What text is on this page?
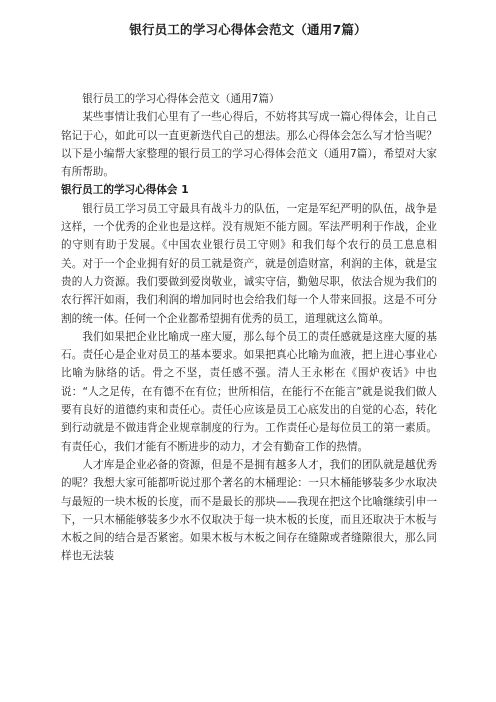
银行员工的学习心得体会范文（通用7篇）

银行员工的学习心得体会范文（通用7篇）

某些事情让我们心里有了一些心得后，不妨将其写成一篇心得体会，让自己铭记于心，如此可以一直更新迭代自己的想法。那么心得体会怎么写才恰当呢？以下是小编帮大家整理的银行员工的学习心得体会范文（通用7篇），希望对大家有所帮助。

银行员工的学习心得体会 1

银行员工学习员工守最具有战斗力的队伍，一定是军纪严明的队伍，战争是这样，一个优秀的企业也是这样。没有规矩不能方圆。军法严明利于作战，企业的守则有助于发展。《中国农业银行员工守则》和我们每个农行的员工息息相关。对于一个企业拥有好的员工就是资产，就是创造财富，利润的主体，就是宝贵的人力资源。我们要做到爱岗敬业，诚实守信，勤勉尽职，依法合规为我们的农行挥汗如雨，我们利润的增加同时也会给我们每一个人带来回报。这是不可分割的统一体。任何一个企业都希望拥有优秀的员工，道理就这么简单。

我们如果把企业比喻成一座大厦，那么每个员工的责任感就是这座大厦的基石。责任心是企业对员工的基本要求。如果把真心比喻为血液，把上进心事业心比喻为脉络的话。骨之不坚，责任感不强。清人王永彬在《围炉夜话》中也说：“人之足传，在有德不在有位；世所相信，在能行不在能言”就是说我们做人要有良好的道德约束和责任心。责任心应该是员工心底发出的自觉的心态，转化到行动就是不做违背企业规章制度的行为。工作责任心是每位员工的第一素质。有责任心，我们才能有不断进步的动力，才会有勤奋工作的热情。

人才库是企业必备的资源，但是不是拥有越多人才，我们的团队就是越优秀的呢？我想大家可能都听说过那个著名的木桶理论：一只木桶能够装多少水取决与最短的一块木板的长度，而不是最长的那块——我现在把这个比喻继续引申一下，一只木桶能够装多少水不仅取决于每一块木板的长度，而且还取决于木板与木板之间的结合是否紧密。如果木板与木板之间存在缝隙或者缝隙很大，那么同样也无法装
